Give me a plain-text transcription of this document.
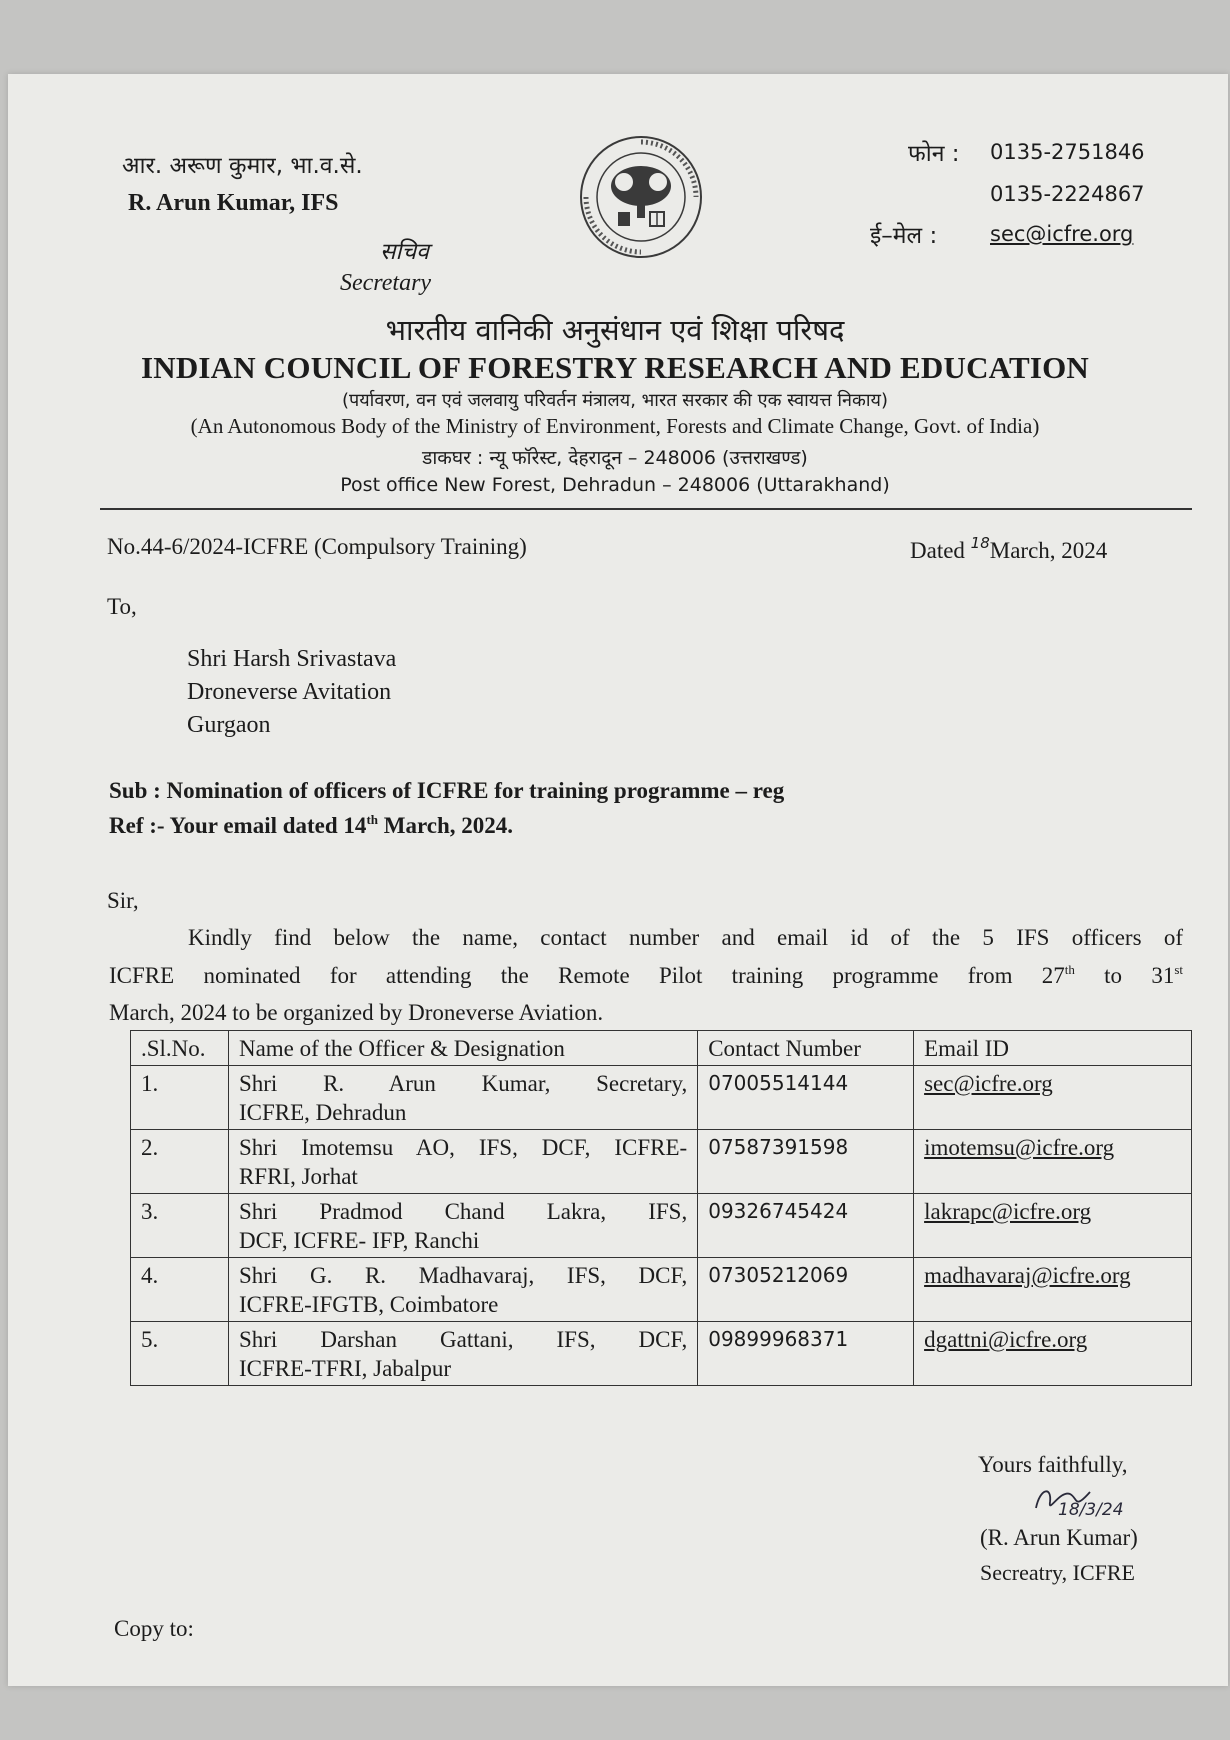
आर. अरूण कुमार, भा.व.से.
R. Arun Kumar, IFS
सचिव
Secretary
फोन : 0135-2751846
0135-2224867
ई–मेल :	sec@icfre.org
भारतीय वानिकी अनुसंधान एवं शिक्षा परिषद
INDIAN COUNCIL OF FORESTRY RESEARCH AND EDUCATION
(पर्यावरण, वन एवं जलवायु परिवर्तन मंत्रालय, भारत सरकार की एक स्वायत्त निकाय)
(An Autonomous Body of the Ministry of Environment, Forests and Climate Change, Govt. of India)
डाकघर : न्यू फॉरेस्ट, देहरादून – 248006 (उत्तराखण्ड)
Post office New Forest, Dehradun – 248006 (Uttarakhand)
No.44-6/2024-ICFRE (Compulsory Training)	Dated $^{18}$March, 2024
To,
Shri Harsh Srivastava
Droneverse Avitation
Gurgaon
Sub : Nomination of officers of ICFRE for training programme – reg
Ref :- Your email dated 14th March, 2024.
Sir,
Kindly find below the name, contact number and email id of the 5 IFS officers of
ICFRE nominated for attending the Remote Pilot training programme from 27th to 31st
March, 2024 to be organized by Droneverse Aviation.
.Sl.No.	Name of the Officer & Designation	Contact Number	Email ID
1.	Shri R. Arun Kumar, Secretary,
ICFRE, Dehradun	07005514144	sec@icfre.org
2.	Shri Imotemsu AO, IFS, DCF, ICFRE-
RFRI, Jorhat	07587391598	imotemsu@icfre.org
3.	Shri Pradmod Chand Lakra, IFS,
DCF, ICFRE- IFP, Ranchi	09326745424	lakrapc@icfre.org
4.	Shri G. R. Madhavaraj, IFS, DCF,
ICFRE-IFGTB, Coimbatore	07305212069	madhavaraj@icfre.org
5.	Shri Darshan Gattani, IFS, DCF,
ICFRE-TFRI, Jabalpur	09899968371	dgattni@icfre.org
Yours faithfully,
18/3/24
(R. Arun Kumar)
Secreatry, ICFRE
Copy to:
